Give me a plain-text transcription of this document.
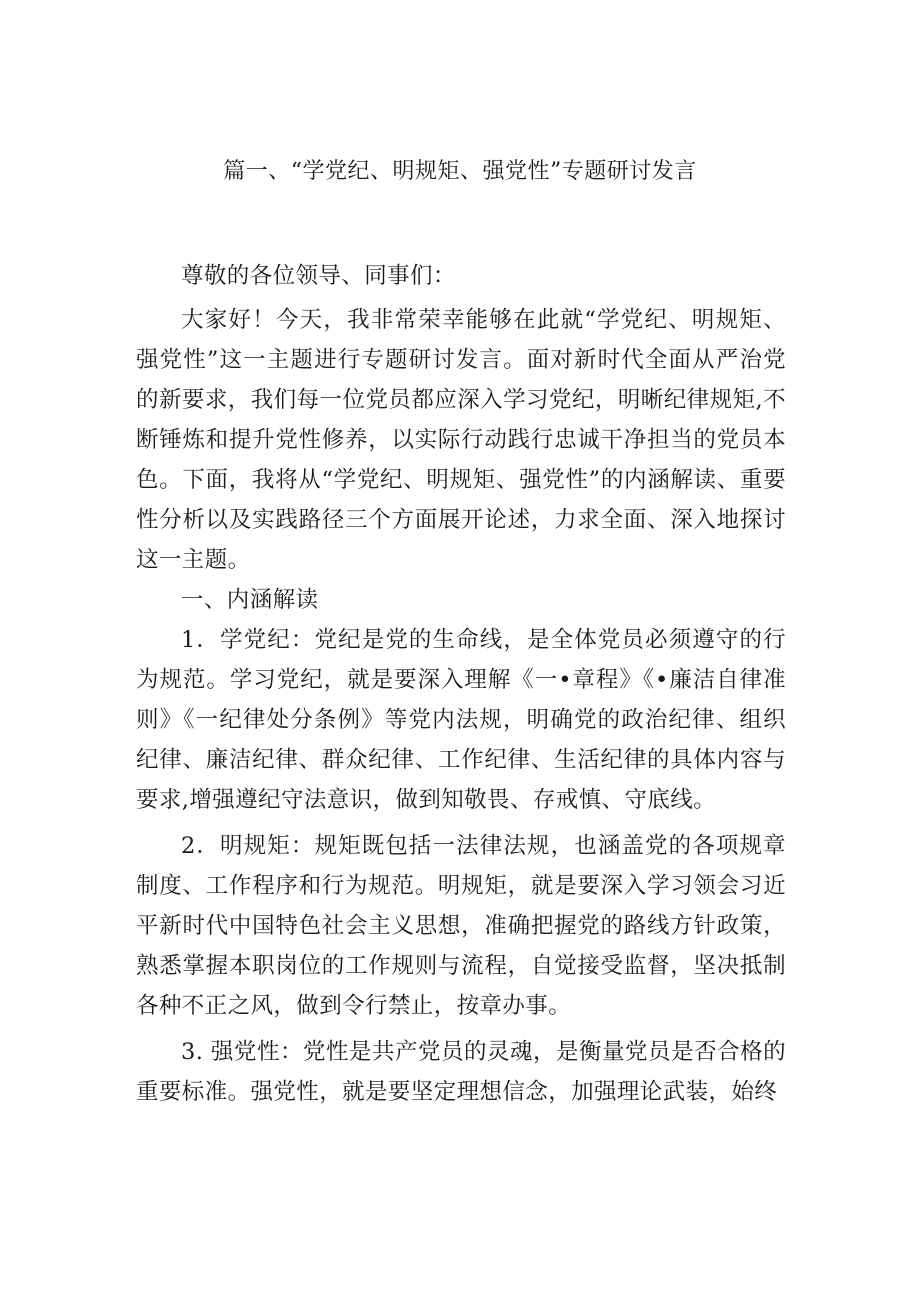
篇一、“学党纪、明规矩、强党性”专题研讨发言

尊敬的各位领导、同事们：

大家好！今天，我非常荣幸能够在此就“学党纪、明规矩、强党性”这一主题进行专题研讨发言。面对新时代全面从严治党的新要求，我们每一位党员都应深入学习党纪，明晰纪律规矩,不断锤炼和提升党性修养，以实际行动践行忠诚干净担当的党员本色。下面，我将从“学党纪、明规矩、强党性”的内涵解读、重要性分析以及实践路径三个方面展开论述，力求全面、深入地探讨这一主题。

一、内涵解读

1．学党纪：党纪是党的生命线，是全体党员必须遵守的行为规范。学习党纪，就是要深入理解《一•章程》《•廉洁自律准则》《一纪律处分条例》等党内法规，明确党的政治纪律、组织纪律、廉洁纪律、群众纪律、工作纪律、生活纪律的具体内容与要求,增强遵纪守法意识，做到知敬畏、存戒慎、守底线。

2．明规矩：规矩既包括一法律法规，也涵盖党的各项规章制度、工作程序和行为规范。明规矩，就是要深入学习领会习近平新时代中国特色社会主义思想，准确把握党的路线方针政策，熟悉掌握本职岗位的工作规则与流程，自觉接受监督，坚决抵制各种不正之风，做到令行禁止，按章办事。

3. 强党性：党性是共产党员的灵魂，是衡量党员是否合格的重要标准。强党性，就是要坚定理想信念，加强理论武装，始终
